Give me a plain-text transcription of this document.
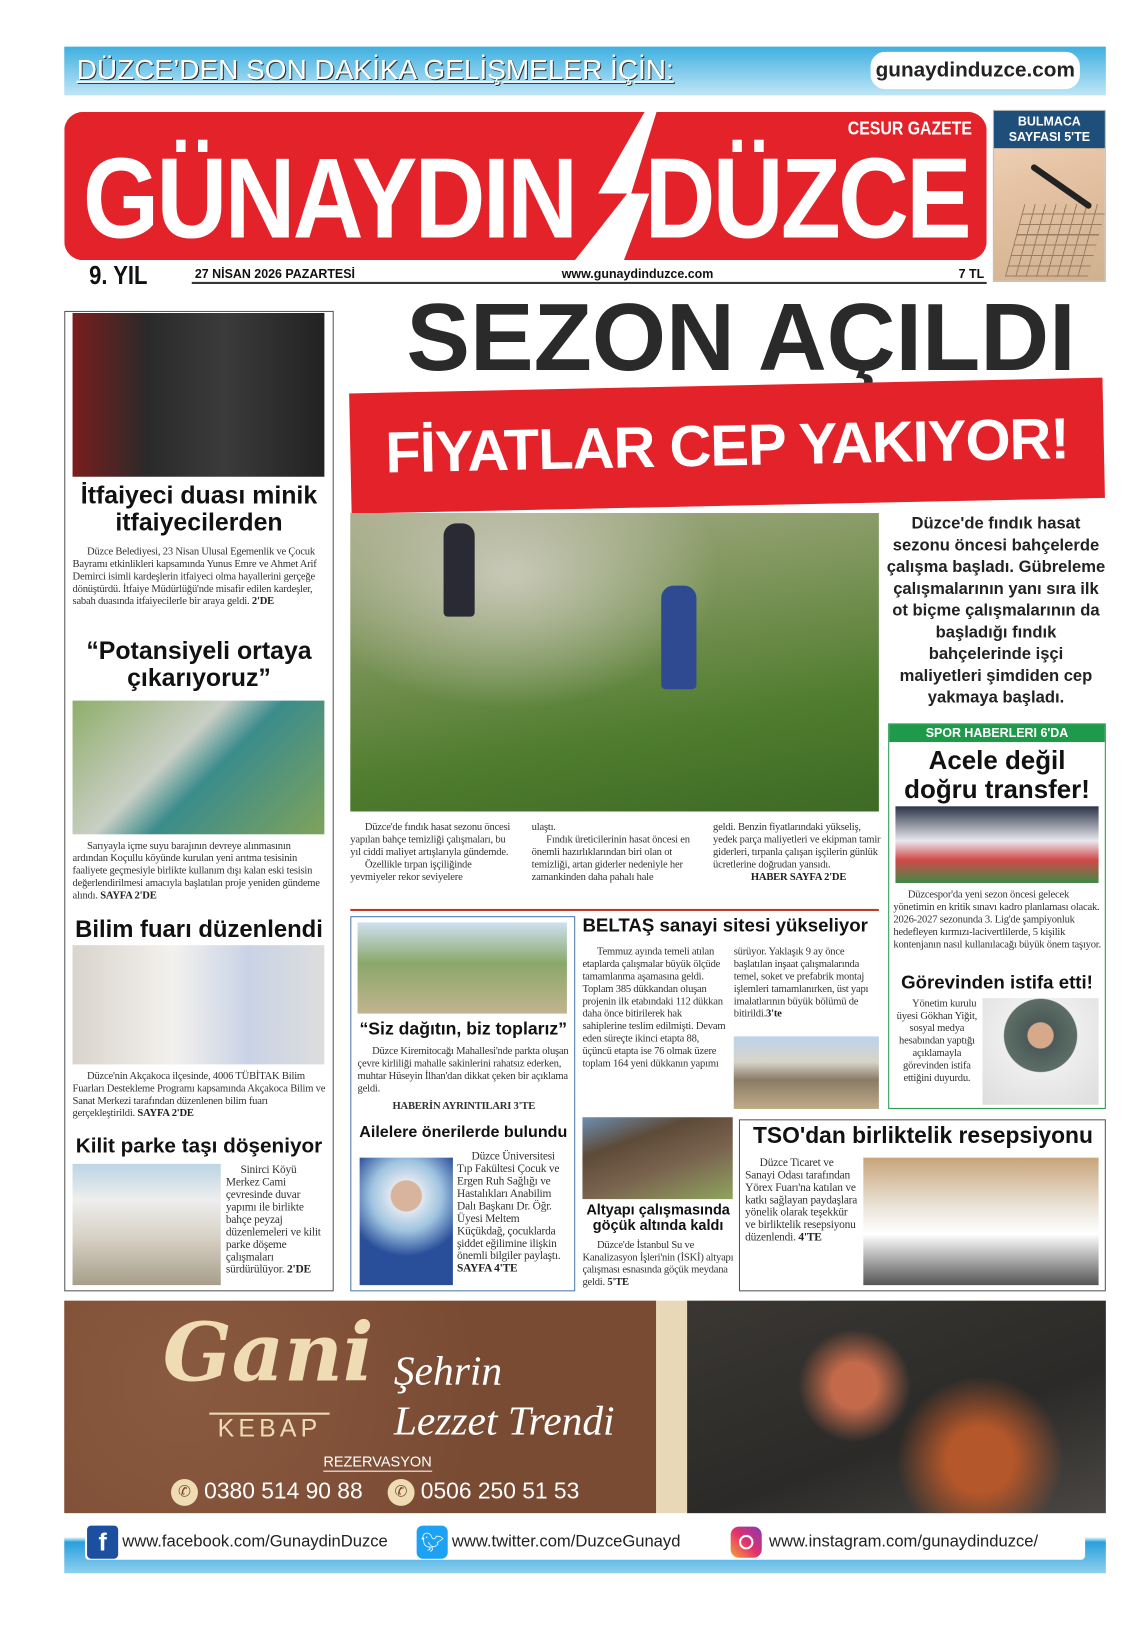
DÜZCE’DEN SON DAKİKA GELİŞMELER İÇİN:	gunaydinduzce.com
GÜNAYDIN DÜZCE
CESUR GAZETE	BULMACA SAYFASI 5'TE
9. YIL	27 NİSAN 2026 PAZARTESİ	www.gunaydinduzce.com	7 TL
SEZON AÇILDI
FİYATLAR CEP YAKIYOR!
Düzce'de fındık hasat sezonu öncesi bahçelerde çalışma başladı. Gübreleme çalışmalarının yanı sıra ilk ot biçme çalışmalarının da başladığı fındık bahçelerinde işçi maliyetleri şimdiden cep yakmaya başladı.

Düzce'de fındık hasat sezonu öncesi yapılan bahçe temizliği çalışmaları, bu yıl ciddi maliyet artışlarıyla gündemde.

Özellikle tırpan işçiliğinde yevmiyeler rekor seviyelere

ulaştı.

Fındık üreticilerinin hasat öncesi en önemli hazırlıklarından biri olan ot temizliği, artan giderler nedeniyle her zamankinden daha pahalı hale

geldi. Benzin fiyatlarındaki yükseliş, yedek parça maliyetleri ve ekipman tamir giderleri, tırpanla çalışan işçilerin günlük ücretlerine doğrudan yansıdı.

HABER SAYFA 2'DE

İtfaiyeci duası minik itfaiyecilerden
Düzce Belediyesi, 23 Nisan Ulusal Egemenlik ve Çocuk Bayramı etkinlikleri kapsamında Yunus Emre ve Ahmet Arif Demirci isimli kardeşlerin itfaiyeci olma hayallerini gerçeğe dönüştürdü. İtfaiye Müdürlüğü'nde misafir edilen kardeşler, sabah duasında itfaiyecilerle bir araya geldi. 2'DE
“Potansiyeli ortaya çıkarıyoruz”
Sarıyayla içme suyu barajının devreye alınmasının ardından Koçullu köyünde kurulan yeni arıtma tesisinin faaliyete geçmesiyle birlikte kullanım dışı kalan eski tesisin değerlendirilmesi amacıyla başlatılan proje yeniden gündeme alındı. SAYFA 2'DE
Bilim fuarı düzenlendi
Düzce'nin Akçakoca ilçesinde, 4006 TÜBİTAK Bilim Fuarları Destekleme Programı kapsamında Akçakoca Bilim ve Sanat Merkezi tarafından düzenlenen bilim fuarı gerçekleştirildi. SAYFA 2'DE
Kilit parke taşı döşeniyor
Sinirci Köyü Merkez Cami çevresinde duvar yapımı ile birlikte bahçe peyzaj düzenlemeleri ve kilit parke döşeme çalışmaları sürdürülüyor. 2'DE
“Siz dağıtın, biz toplarız”
Düzce Kiremitocağı Mahallesi'nde parkta oluşan çevre kirliliği mahalle sakinlerini rahatsız ederken, muhtar Hüseyin İlhan'dan dikkat çeken bir açıklama geldi.
HABERİN AYRINTILARI 3'TE
Ailelere önerilerde bulundu
Düzce Üniversitesi Tıp Fakültesi Çocuk ve Ergen Ruh Sağlığı ve Hastalıkları Anabilim Dalı Başkanı Dr. Öğr. Üyesi Meltem Küçükdağ, çocuklarda şiddet eğilimine ilişkin önemli bilgiler paylaştı. SAYFA 4'TE
BELTAŞ sanayi sitesi yükseliyor
Temmuz ayında temeli atılan etaplarda çalışmalar büyük ölçüde tamamlanma aşamasına geldi. Toplam 385 dükkandan oluşan projenin ilk etabındaki 112 dükkan daha önce bitirilerek hak sahiplerine teslim edilmişti. Devam eden süreçte ikinci etapta 88, üçüncü etapta ise 76 olmak üzere toplam 164 yeni dükkanın yapımı
sürüyor. Yaklaşık 9 ay önce başlatılan inşaat çalışmalarında temel, soket ve prefabrik montaj işlemleri tamamlanırken, üst yapı imalatlarının büyük bölümü de bitirildi.3'te
Altyapı çalışmasında göçük altında kaldı
Düzce'de İstanbul Su ve Kanalizasyon İşleri'nin (İSKİ) altyapı çalışması esnasında göçük meydana geldi. 5'TE
TSO'dan birliktelik resepsiyonu
Düzce Ticaret ve Sanayi Odası tarafından Yörex Fuarı'na katılan ve katkı sağlayan paydaşlara yönelik olarak teşekkür ve birliktelik resepsiyonu düzenlendi. 4'TE
SPOR HABERLERI 6'DA
Acele değil doğru transfer!
Düzcespor'da yeni sezon öncesi gelecek yönetimin en kritik sınavı kadro planlaması olacak. 2026-2027 sezonunda 3. Lig'de şampiyonluk hedefleyen kırmızı-lacivertlilerde, 5 kişilik kontenjanın nasıl kullanılacağı büyük önem taşıyor.
Görevinden istifa etti!
Yönetim kurulu üyesi Gökhan Yiğit, sosyal medya hesabından yaptığı açıklamayla görevinden istifa ettiğini duyurdu.
Gani
KEBAP
Şehrin
Lezzet Trendi
REZERVASYON
✆ 0380 514 90 88	✆ 0506 250 51 53
f www.facebook.com/GunaydinDuzce 🐦︎ www.twitter.com/DuzceGunayd	www.instagram.com/gunaydinduzce/
